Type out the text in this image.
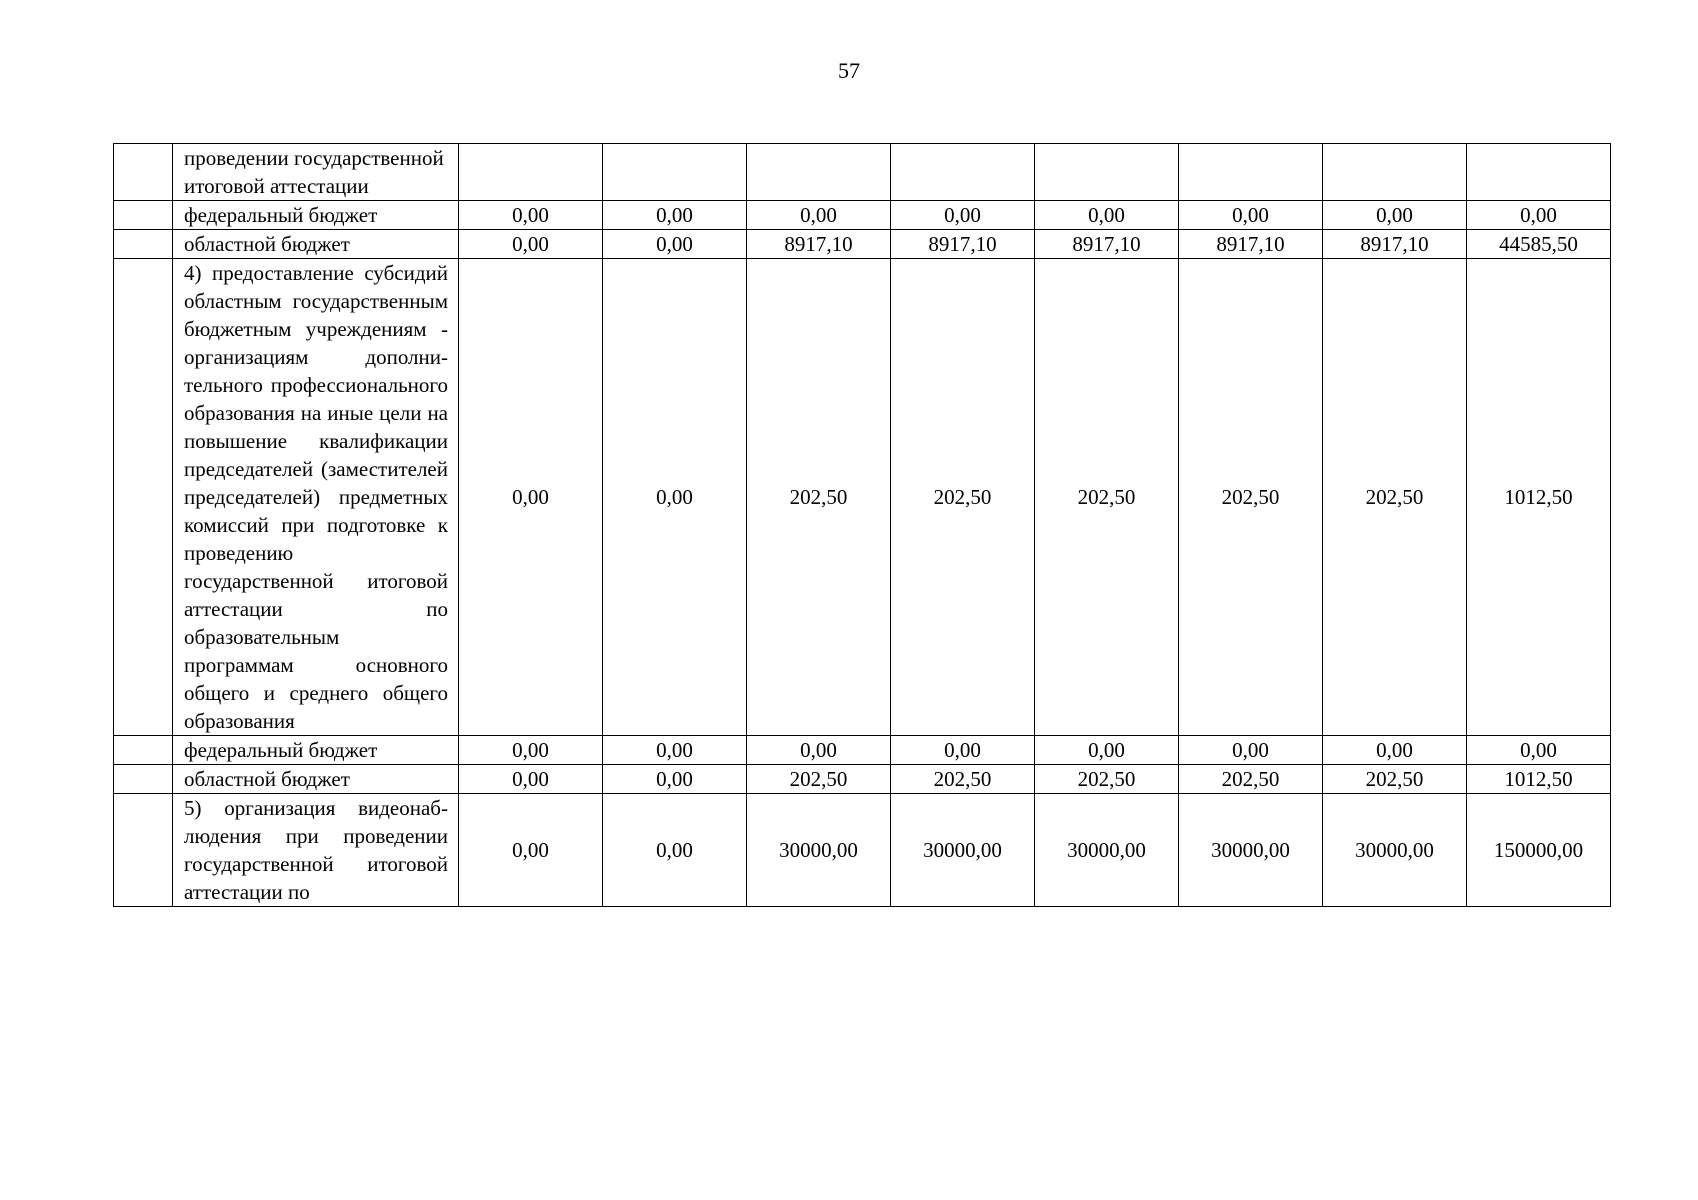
57
	проведении государственной итоговой аттестации								
	федеральный бюджет	0,00	0,00	0,00	0,00	0,00	0,00	0,00	0,00
	областной бюджет	0,00	0,00	8917,10	8917,10	8917,10	8917,10	8917,10	44585,50
	4) предоставление субсидий областным государственным бюджетным учреждениям - организациям дополни-тельного профессионального образования на иные цели на повышение квалификации председателей (заместителей председателей) предметных комиссий при подготовке к проведению государственной итоговой аттестации по образовательным программам основного общего и среднего общего образования	0,00	0,00	202,50	202,50	202,50	202,50	202,50	1012,50
	федеральный бюджет	0,00	0,00	0,00	0,00	0,00	0,00	0,00	0,00
	областной бюджет	0,00	0,00	202,50	202,50	202,50	202,50	202,50	1012,50
	5) организация видеонаб-людения при проведении государственной итоговой аттестации по	0,00	0,00	30000,00	30000,00	30000,00	30000,00	30000,00	150000,00
